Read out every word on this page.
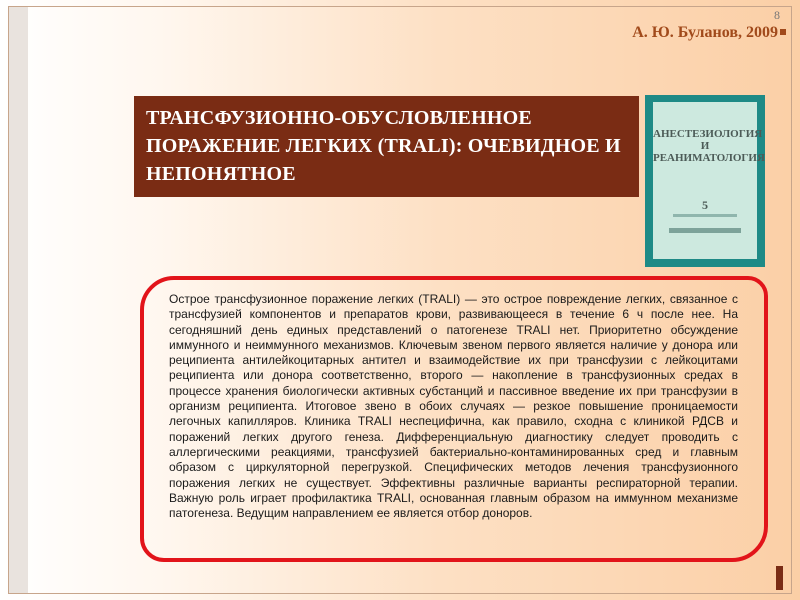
8
А. Ю. Буланов, 2009
ТРАНСФУЗИОННО-ОБУСЛОВЛЕННОЕ ПОРАЖЕНИЕ ЛЕГКИХ (TRALI): ОЧЕВИДНОЕ И НЕПОНЯТНОЕ
АНЕСТЕЗИОЛОГИЯ И РЕАНИМАТОЛОГИЯ
5
Острое трансфузионное поражение легких (TRALI) — это острое повреждение легких, связанное с трансфузией компонентов и препаратов крови, развивающееся в течение 6 ч после нее. На сегодняшний день единых представлений о патогенезе TRALI нет. Приоритетно обсуждение иммунного и неиммунного механизмов. Ключевым звеном первого является наличие у донора или реципиента антилейкоцитарных антител и взаимодействие их при трансфузии с лейкоцитами реципиента или донора соответственно, второго — накопление в трансфузионных средах в процессе хранения биологически активных субстанций и пассивное введение их при трансфузии в организм реципиента. Итоговое звено в обоих случаях — резкое повышение проницаемости легочных капилляров. Клиника TRALI неспецифична, как правило, сходна с клиникой РДСВ и поражений легких другого генеза. Дифференциальную диагностику следует проводить с аллергическими реакциями, трансфузией бактериально-контаминированных сред и главным образом с циркуляторной перегрузкой. Специфических методов лечения трансфузионного поражения легких не существует. Эффективны различные варианты респираторной терапии. Важную роль играет профилактика TRALI, основанная главным образом на иммунном механизме патогенеза. Ведущим направлением ее является отбор доноров.
